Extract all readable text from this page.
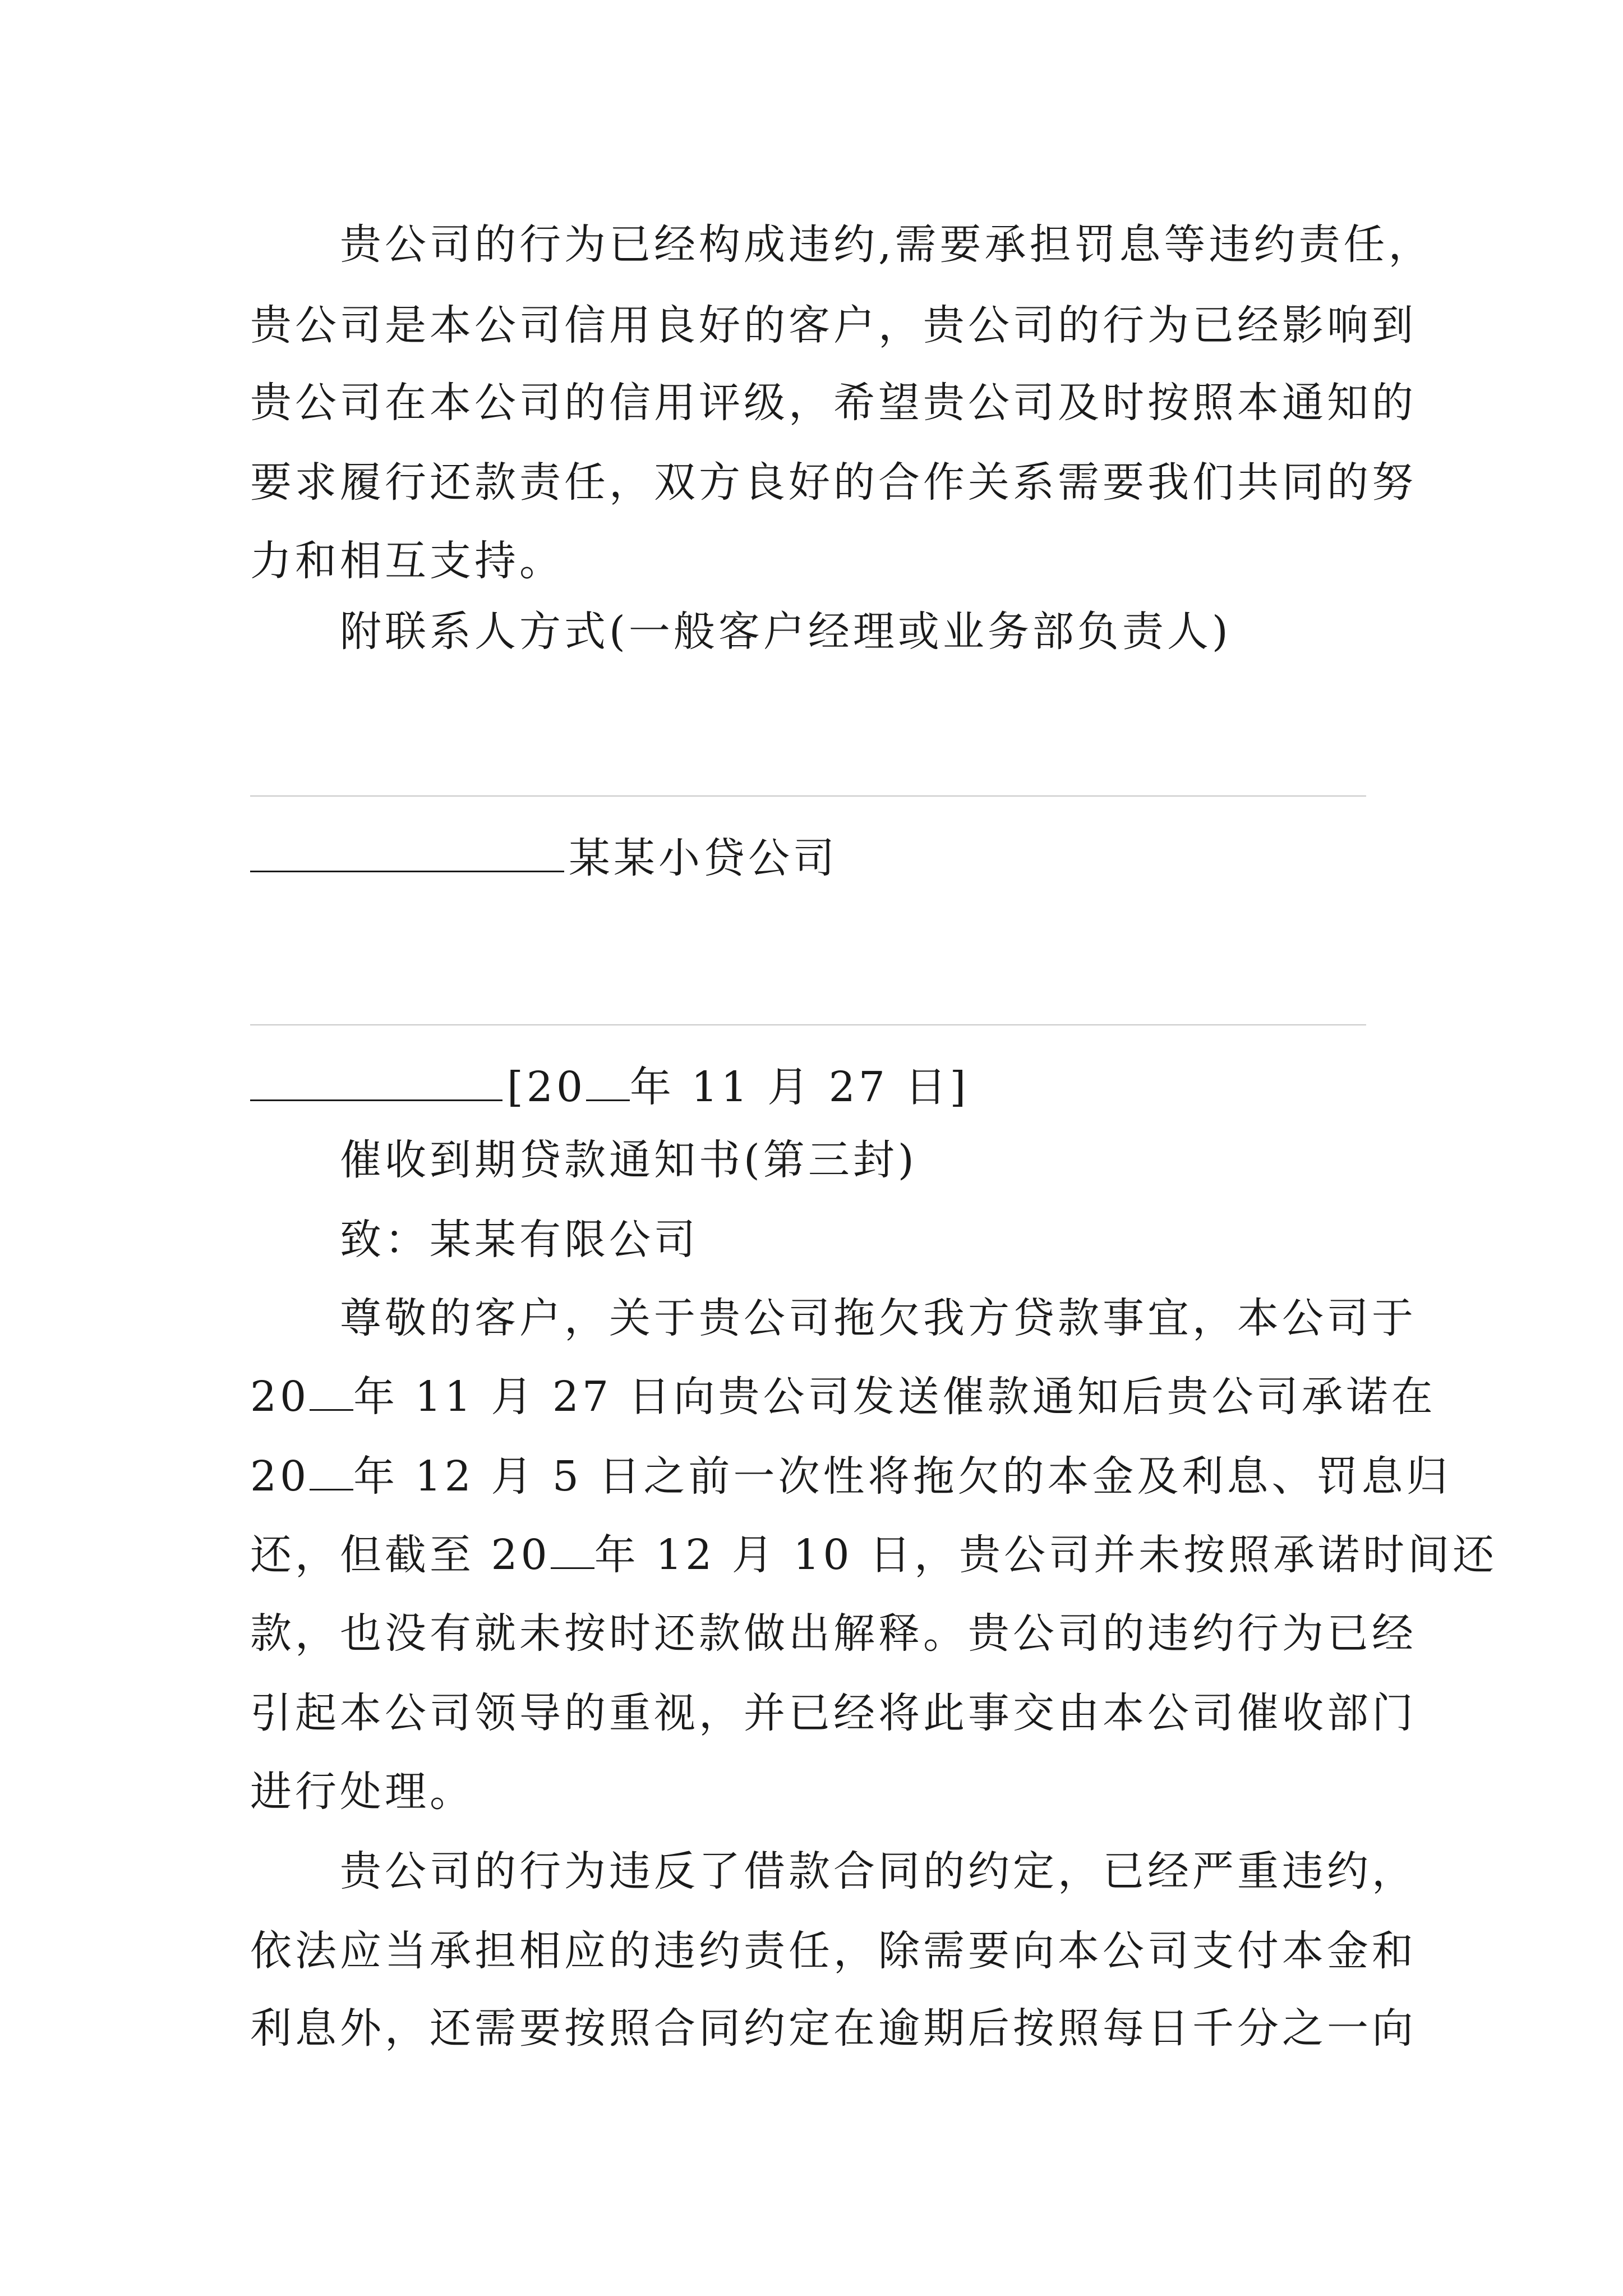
贵公司的行为已经构成违约,需要承担罚息等违约责任，
贵公司是本公司信用良好的客户，贵公司的行为已经影响到
贵公司在本公司的信用评级，希望贵公司及时按照本通知的
要求履行还款责任，双方良好的合作关系需要我们共同的努
力和相互支持。
附联系人方式(一般客户经理或业务部负责人)
某某小贷公司
[20 年 11 月 27 日]
催收到期贷款通知书(第三封)
致：某某有限公司
尊敬的客户，关于贵公司拖欠我方贷款事宜，本公司于
20 年 11 月 27 日向贵公司发送催款通知后贵公司承诺在
20 年 12 月 5 日之前一次性将拖欠的本金及利息、罚息归
还，但截至 20 年 12 月 10 日，贵公司并未按照承诺时间还
款，也没有就未按时还款做出解释。贵公司的违约行为已经
引起本公司领导的重视，并已经将此事交由本公司催收部门
进行处理。
贵公司的行为违反了借款合同的约定，已经严重违约，
依法应当承担相应的违约责任，除需要向本公司支付本金和
利息外，还需要按照合同约定在逾期后按照每日千分之一向
